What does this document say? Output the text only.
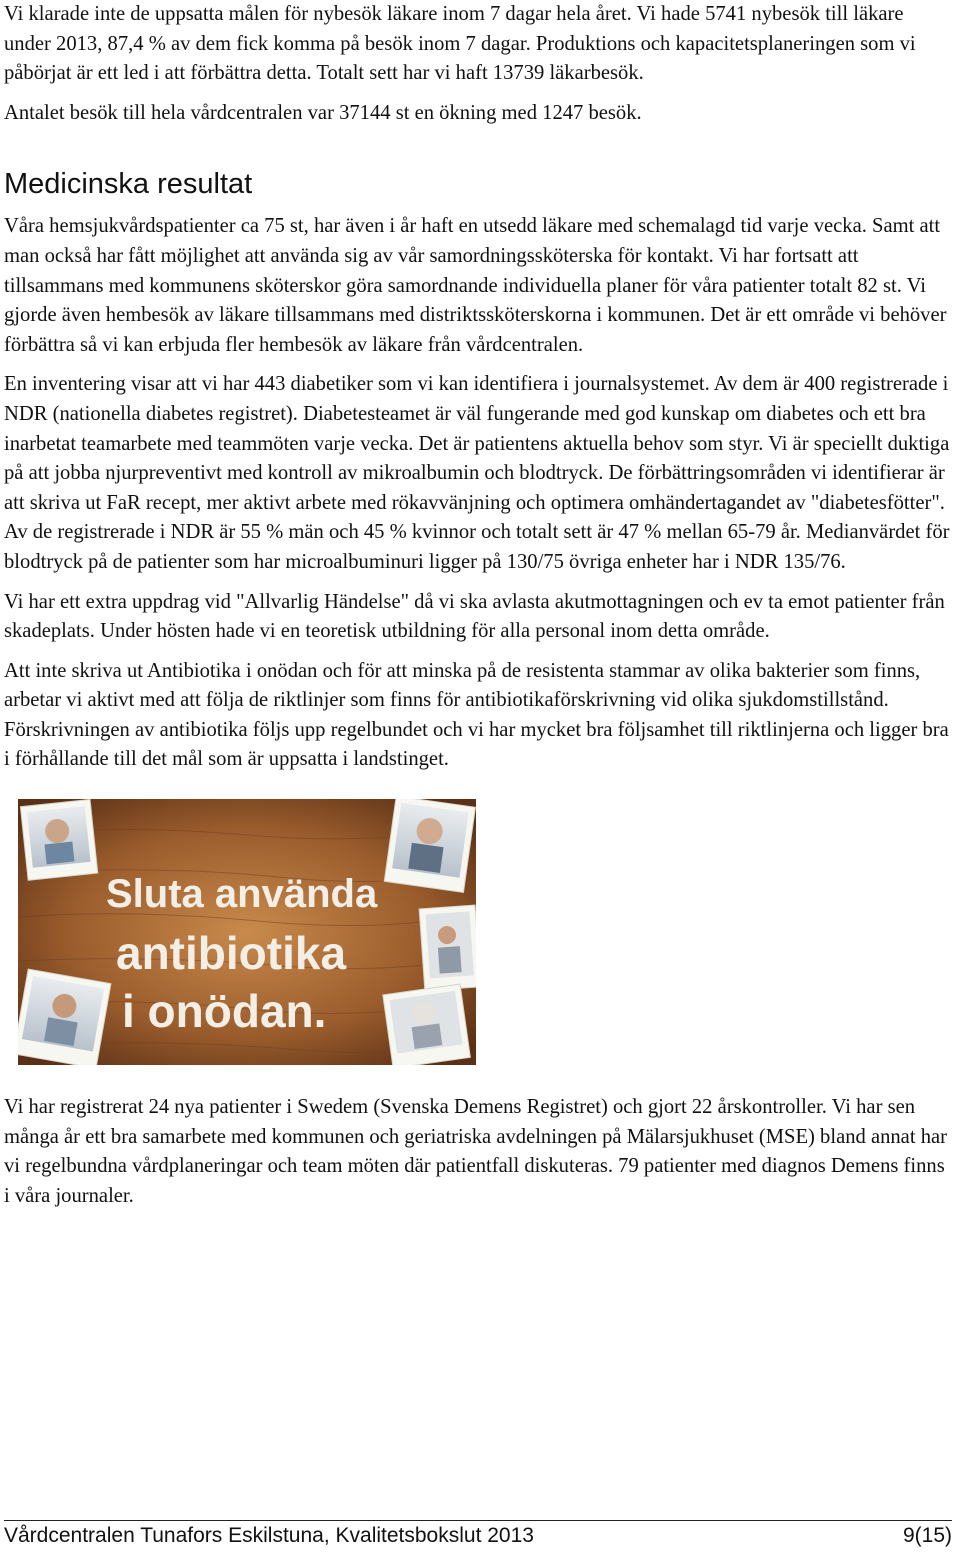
Vi klarade inte de uppsatta målen för nybesök läkare inom 7 dagar hela året. Vi hade 5741 nybesök till läkare under 2013, 87,4 % av dem fick komma på besök inom 7 dagar. Produktions och kapacitetsplaneringen som vi påbörjat är ett led i att förbättra detta. Totalt sett har vi haft 13739 läkarbesök.

Antalet besök till hela vårdcentralen var 37144 st en ökning med 1247 besök.

Medicinska resultat

Våra hemsjukvårdspatienter ca 75 st, har även i år haft en utsedd läkare med schemalagd tid varje vecka. Samt att man också har fått möjlighet att använda sig av vår samordningssköterska för kontakt. Vi har fortsatt att tillsammans med kommunens sköterskor göra samordnande individuella planer för våra patienter totalt 82 st. Vi gjorde även hembesök av läkare tillsammans med distriktssköterskorna i kommunen. Det är ett område vi behöver förbättra så vi kan erbjuda fler hembesök av läkare från vårdcentralen.

En inventering visar att vi har 443 diabetiker som vi kan identifiera i journalsystemet. Av dem är 400 registrerade i NDR (nationella diabetes registret). Diabetesteamet är väl fungerande med god kunskap om diabetes och ett bra inarbetat teamarbete med teammöten varje vecka. Det är patientens aktuella behov som styr. Vi är speciellt duktiga på att jobba njurpreventivt med kontroll av mikroalbumin och blodtryck. De förbättringsområden vi identifierar är att skriva ut FaR recept, mer aktivt arbete med rökavvänjning och optimera omhändertagandet av "diabetesfötter". Av de registrerade i NDR är 55 % män och 45 % kvinnor och totalt sett är 47 % mellan 65-79 år. Medianvärdet för blodtryck på de patienter som har microalbuminuri ligger på 130/75 övriga enheter har i NDR 135/76.

Vi har ett extra uppdrag vid "Allvarlig Händelse" då vi ska avlasta akutmottagningen och ev ta emot patienter från skadeplats. Under hösten hade vi en teoretisk utbildning för alla personal inom detta område.

Att inte skriva ut Antibiotika i onödan och för att minska på de resistenta stammar av olika bakterier som finns, arbetar vi aktivt med att följa de riktlinjer som finns för antibiotikaförskrivning vid olika sjukdomstillstånd. Förskrivningen av antibiotika följs upp regelbundet och vi har mycket bra följsamhet till riktlinjerna och ligger bra i förhållande till det mål som är uppsatta i landstinget.

Sluta använda
antibiotika
i onödan.

Vi har registrerat 24 nya patienter i Swedem (Svenska Demens Registret) och gjort 22 årskontroller. Vi har sen många år ett bra samarbete med kommunen och geriatriska avdelningen på Mälarsjukhuset (MSE) bland annat har vi regelbundna vårdplaneringar och team möten där patientfall diskuteras. 79 patienter med diagnos Demens finns i våra journaler.

Vårdcentralen Tunafors Eskilstuna, Kvalitetsbokslut 2013	9(15)
